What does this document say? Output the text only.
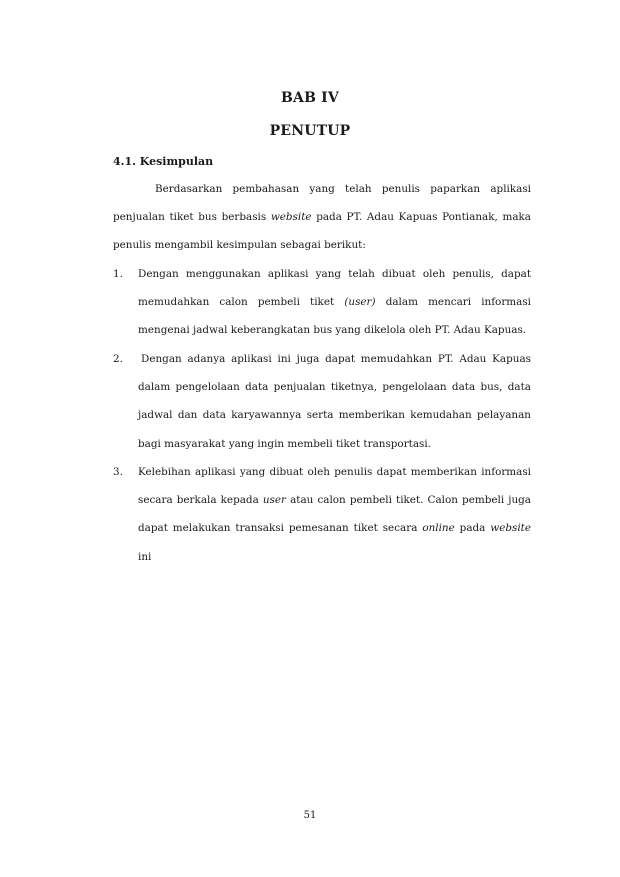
BAB IV
PENUTUP
4.1. Kesimpulan

Berdasarkan pembahasan yang telah penulis paparkan aplikasi penjualan tiket bus berbasis website pada PT. Adau Kapuas Pontianak, maka penulis mengambil kesimpulan sebagai berikut:

1.	Dengan menggunakan aplikasi yang telah dibuat oleh penulis, dapat memudahkan calon pembeli tiket (user) dalam mencari informasi mengenai jadwal keberangkatan bus yang dikelola oleh PT. Adau Kapuas.
2.	Dengan adanya aplikasi ini juga dapat memudahkan PT. Adau Kapuas dalam pengelolaan data penjualan tiketnya, pengelolaan data bus, data jadwal dan data karyawannya serta memberikan kemudahan pelayanan bagi masyarakat yang ingin membeli tiket transportasi.
3.	Kelebihan aplikasi yang dibuat oleh penulis dapat memberikan informasi secara berkala kepada user atau calon pembeli tiket. Calon pembeli juga dapat melakukan transaksi pemesanan tiket secara online pada website ini
51
